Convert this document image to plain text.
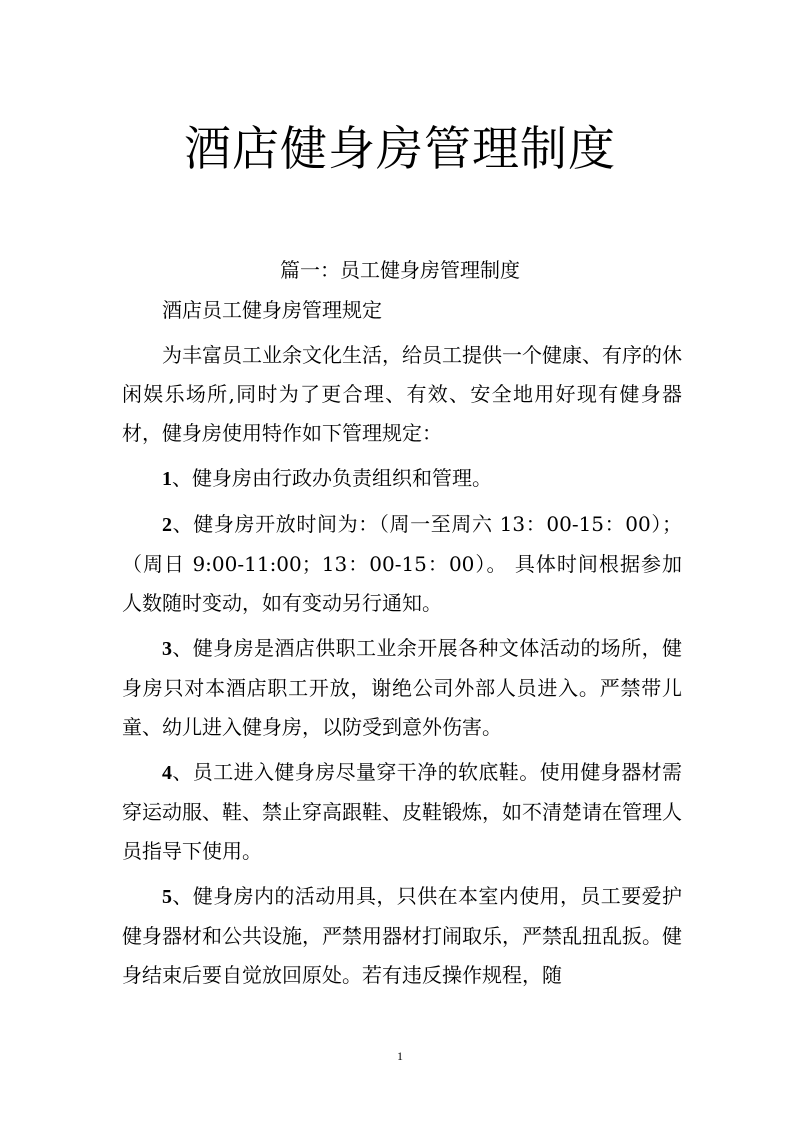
酒店健身房管理制度
篇一：员工健身房管理制度

酒店员工健身房管理规定

为丰富员工业余文化生活，给员工提供一个健康、有序的休闲娱乐场所,同时为了更合理、有效、安全地用好现有健身器材，健身房使用特作如下管理规定：

1、健身房由行政办负责组织和管理。

2、健身房开放时间为：（周一至周六 13：00-15：00）；（周日 9:00-11:00；13：00-15：00）。 具体时间根据参加人数随时变动，如有变动另行通知。

3、健身房是酒店供职工业余开展各种文体活动的场所，健身房只对本酒店职工开放，谢绝公司外部人员进入。严禁带儿童、幼儿进入健身房，以防受到意外伤害。

4、员工进入健身房尽量穿干净的软底鞋。使用健身器材需穿运动服、鞋、禁止穿高跟鞋、皮鞋锻炼，如不清楚请在管理人员指导下使用。

5、健身房内的活动用具，只供在本室内使用，员工要爱护健身器材和公共设施，严禁用器材打闹取乐，严禁乱扭乱扳。健身结束后要自觉放回原处。若有违反操作规程，随

1
